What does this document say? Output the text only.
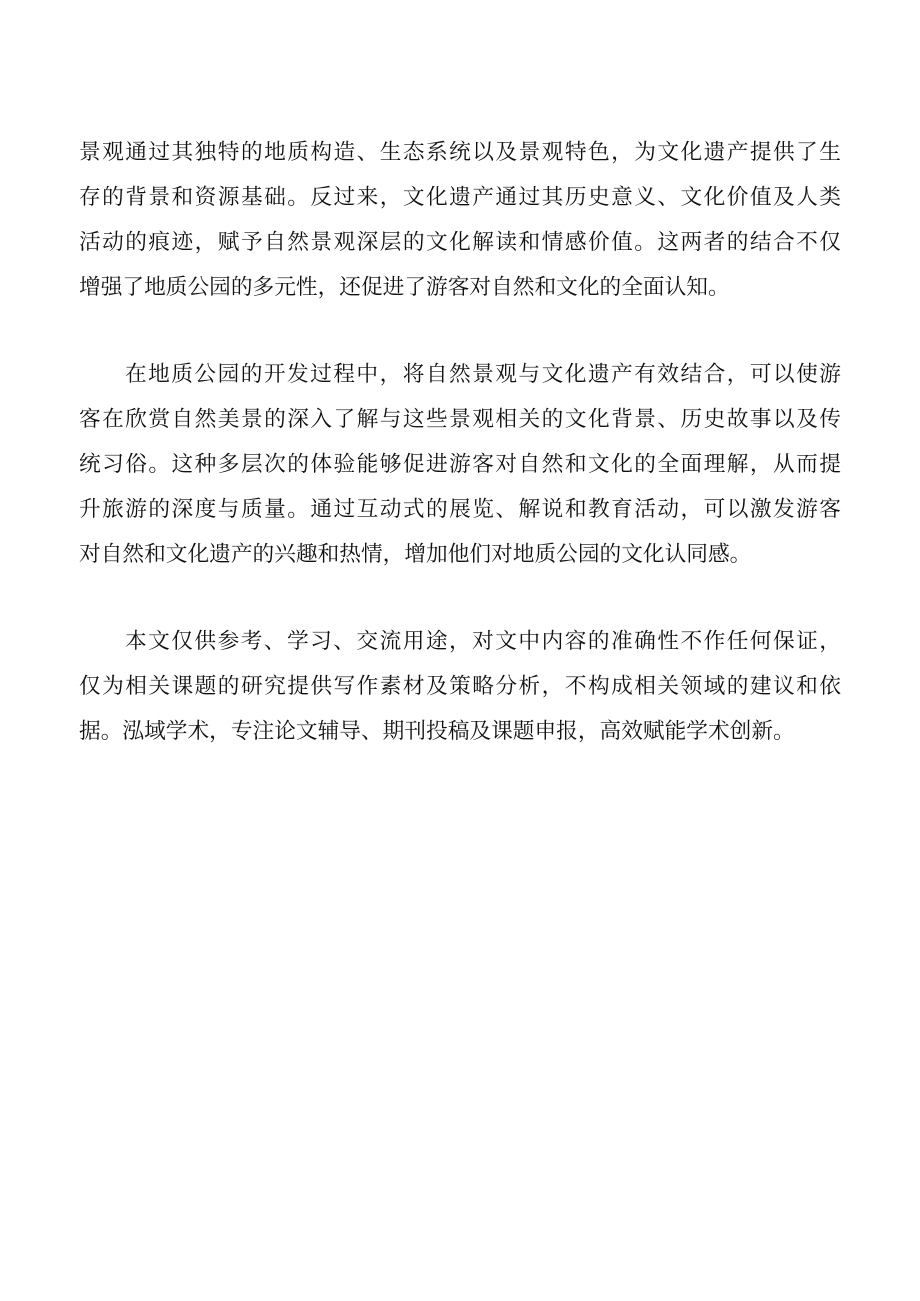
景观通过其独特的地质构造、生态系统以及景观特色，为文化遗产提供了生
存的背景和资源基础。反过来，文化遗产通过其历史意义、文化价值及人类
活动的痕迹，赋予自然景观深层的文化解读和情感价值。这两者的结合不仅
增强了地质公园的多元性，还促进了游客对自然和文化的全面认知。
在地质公园的开发过程中，将自然景观与文化遗产有效结合，可以使游
客在欣赏自然美景的深入了解与这些景观相关的文化背景、历史故事以及传
统习俗。这种多层次的体验能够促进游客对自然和文化的全面理解，从而提
升旅游的深度与质量。通过互动式的展览、解说和教育活动，可以激发游客
对自然和文化遗产的兴趣和热情，增加他们对地质公园的文化认同感。
本文仅供参考、学习、交流用途，对文中内容的准确性不作任何保证，
仅为相关课题的研究提供写作素材及策略分析，不构成相关领域的建议和依
据。泓域学术，专注论文辅导、期刊投稿及课题申报，高效赋能学术创新。
